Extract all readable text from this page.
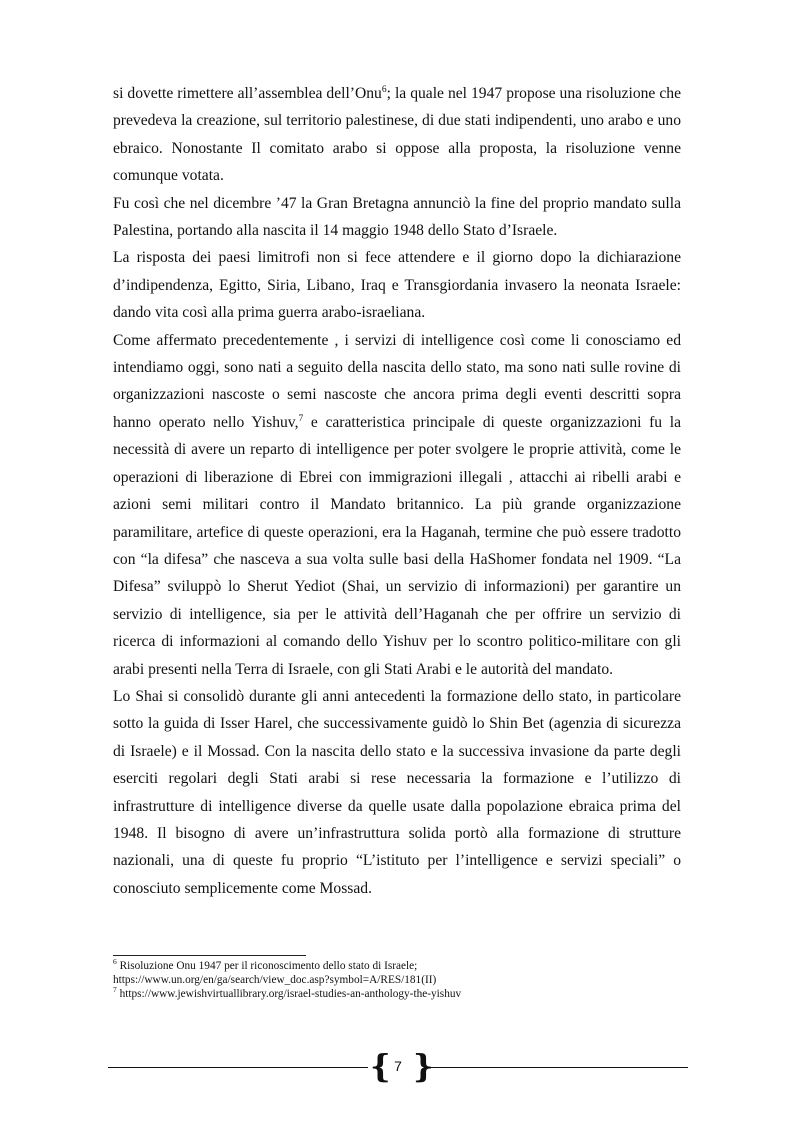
si dovette rimettere all’assemblea dell’Onu$^6$; la quale nel 1947 propose una risoluzione che prevedeva la creazione, sul territorio palestinese, di due stati indipendenti, uno arabo e uno ebraico. Nonostante Il comitato arabo si oppose alla proposta, la risoluzione venne comunque votata.

Fu così che nel dicembre ’47 la Gran Bretagna annunciò la fine del proprio mandato sulla Palestina, portando alla nascita il 14 maggio 1948 dello Stato d’Israele.

La risposta dei paesi limitrofi non si fece attendere e il giorno dopo la dichiarazione d’indipendenza, Egitto, Siria, Libano, Iraq e Transgiordania invasero la neonata Israele: dando vita così alla prima guerra arabo-israeliana.

Come affermato precedentemente , i servizi di intelligence così come li conosciamo ed intendiamo oggi, sono nati a seguito della nascita dello stato, ma sono nati sulle rovine di organizzazioni nascoste o semi nascoste che ancora prima degli eventi descritti sopra hanno operato nello Yishuv,$^7$ e caratteristica principale di queste organizzazioni fu la necessità di avere un reparto di intelligence per poter svolgere le proprie attività, come le operazioni di liberazione di Ebrei con immigrazioni illegali , attacchi ai ribelli arabi e azioni semi militari contro il Mandato britannico. La più grande organizzazione paramilitare, artefice di queste operazioni, era la Haganah, termine che può essere tradotto con “la difesa” che nasceva a sua volta sulle basi della HaShomer fondata nel 1909. “La Difesa” sviluppò lo Sherut Yediot (Shai, un servizio di informazioni) per garantire un servizio di intelligence, sia per le attività dell’Haganah che per offrire un servizio di ricerca di informazioni al comando dello Yishuv per lo scontro politico-militare con gli arabi presenti nella Terra di Israele, con gli Stati Arabi e le autorità del mandato.

Lo Shai si consolidò durante gli anni antecedenti la formazione dello stato, in particolare sotto la guida di Isser Harel, che successivamente guidò lo Shin Bet (agenzia di sicurezza di Israele) e il Mossad. Con la nascita dello stato e la successiva invasione da parte degli eserciti regolari degli Stati arabi si rese necessaria la formazione e l’utilizzo di infrastrutture di intelligence diverse da quelle usate dalla popolazione ebraica prima del 1948. Il bisogno di avere un’infrastruttura solida portò alla formazione di strutture nazionali, una di queste fu proprio “L’istituto per l’intelligence e servizi speciali” o conosciuto semplicemente come Mossad.

$^6$ Risoluzione Onu 1947 per il riconoscimento dello stato di Israele;
https://www.un.org/en/ga/search/view_doc.asp?symbol=A/RES/181(II)

$^7$ https://www.jewishvirtuallibrary.org/israel-studies-an-anthology-the-yishuv

{ 7 }
